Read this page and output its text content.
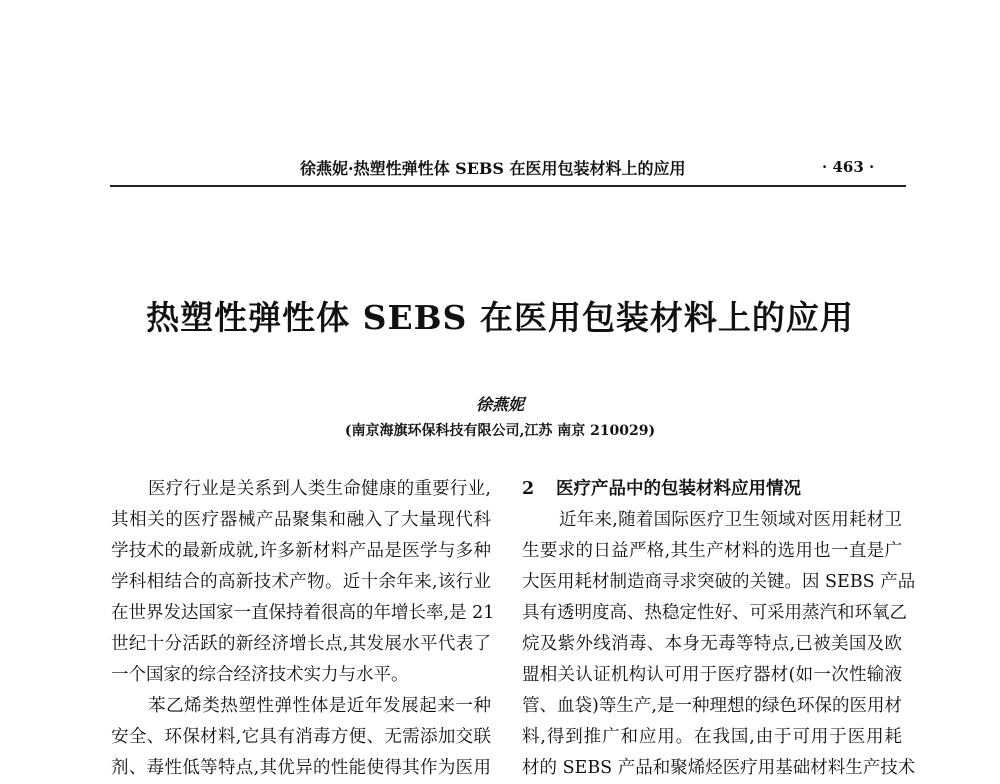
徐燕妮·热塑性弹性体 SEBS 在医用包装材料上的应用	· 463 ·
热塑性弹性体 SEBS 在医用包装材料上的应用
徐燕妮
(南京海旗环保科技有限公司,江苏 南京 210029)
医疗行业是关系到人类生命健康的重要行业,
其相关的医疗器械产品聚集和融入了大量现代科
学技术的最新成就,许多新材料产品是医学与多种
学科相结合的高新技术产物。近十余年来,该行业
在世界发达国家一直保持着很高的年增长率,是 21
世纪十分活跃的新经济增长点,其发展水平代表了
一个国家的综合经济技术实力与水平。
苯乙烯类热塑性弹性体是近年发展起来一种
安全、环保材料,它具有消毒方便、无需添加交联
剂、毒性低等特点,其优异的性能使得其作为医用
2 医疗产品中的包装材料应用情况
近年来,随着国际医疗卫生领域对医用耗材卫
生要求的日益严格,其生产材料的选用也一直是广
大医用耗材制造商寻求突破的关键。因 SEBS 产品
具有透明度高、热稳定性好、可采用蒸汽和环氧乙
烷及紫外线消毒、本身无毒等特点,已被美国及欧
盟相关认证机构认可用于医疗器材(如一次性输液
管、血袋)等生产,是一种理想的绿色环保的医用材
料,得到推广和应用。在我国,由于可用于医用耗
材的 SEBS 产品和聚烯烃医疗用基础材料生产技术
